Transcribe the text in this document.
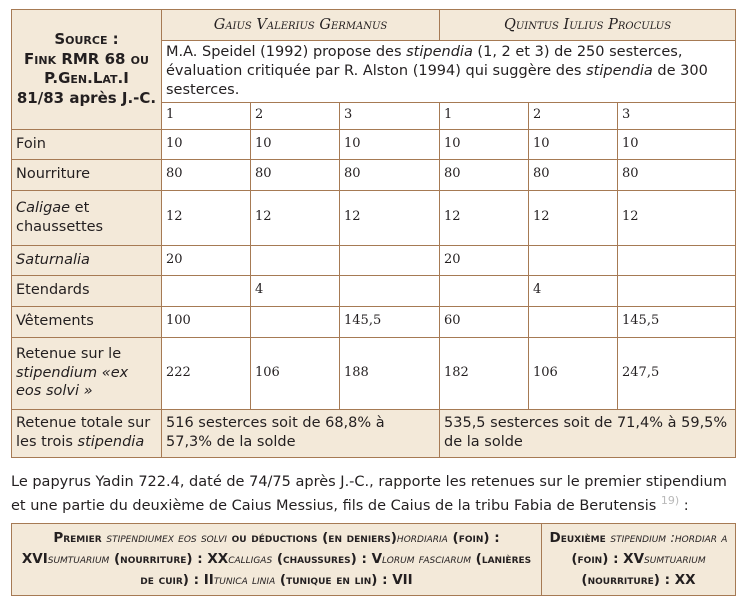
Source :
Fink RMR 68 ou
P.Gen.Lat.I
81/83 après J.-C.	Gaius Valerius Germanus			Quintus Iulius Proculus		
	M.A. Speidel (1992) propose des stipendia (1, 2 et 3) de 250 sesterces, évaluation critiquée par R. Alston (1994) qui suggère des stipendia de 300 sesterces.					
	1	2	3	1	2	3
Foin	10	10	10	10	10	10
Nourriture	80	80	80	80	80	80
Caligae et chaussettes	12	12	12	12	12	12
Saturnalia	20			20		
Etendards		4			4	
Vêtements	100		145,5	60		145,5
Retenue sur le stipendium «ex eos solvi »	222	106	188	182	106	247,5
Retenue totale sur les trois stipendia	516 sesterces soit de 68,8% à 57,3% de la solde			535,5 sesterces soit de 71,4% à 59,5% de la solde		

Le papyrus Yadin 722.4, daté de 74/75 après J.-C., rapporte les retenues sur le premier stipendium et une partie du deuxième de Caius Messius, fils de Caius de la tribu Fabia de Berutensis $^{19)}$ :

Premier stipendiumex eos solvi ou déductions (en deniers)hordiaria (foin) : XVIsumtuarium (nourriture) : XXcalligas (chaussures) : Vlorum fasciarum (lanières de cuir) : IItunica linia (tunique en lin) : VII	Deuxième stipendium :hordiar a (foin) : XVsumtuarium (nourriture) : XX
